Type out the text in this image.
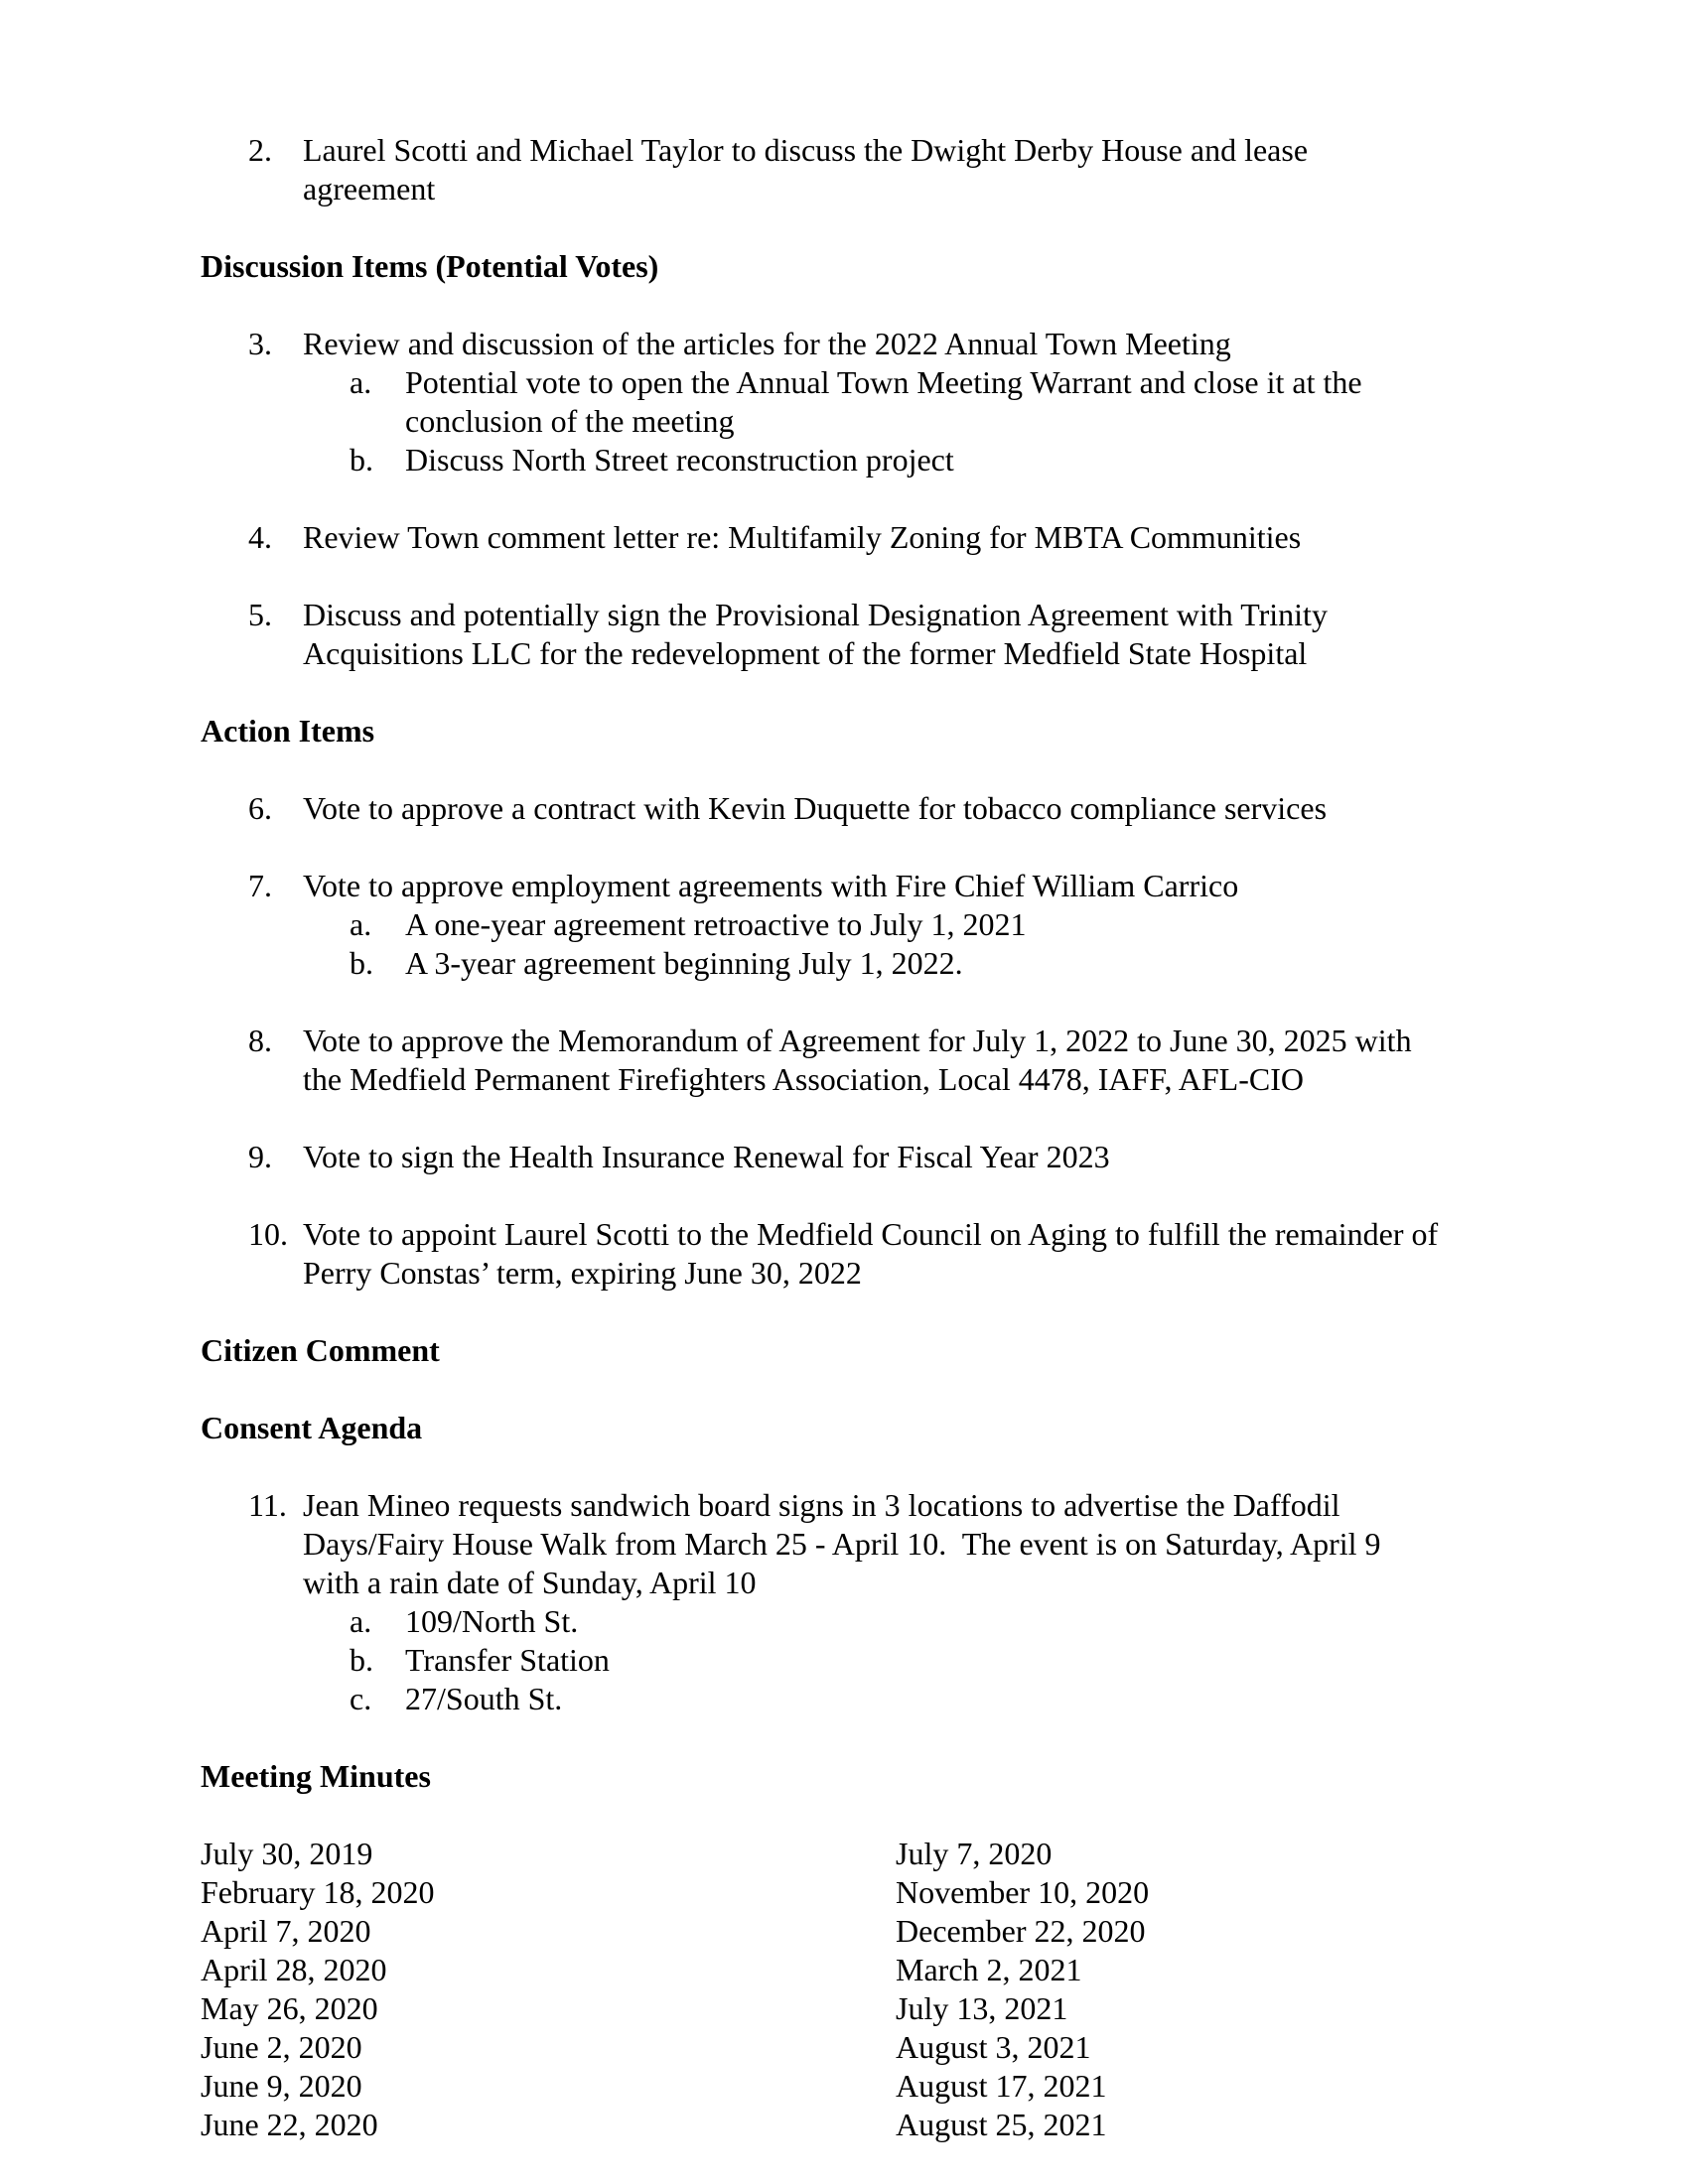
2. Laurel Scotti and Michael Taylor to discuss the Dwight Derby House and lease
agreement
Discussion Items (Potential Votes)
3. Review and discussion of the articles for the 2022 Annual Town Meeting
a. Potential vote to open the Annual Town Meeting Warrant and close it at the
conclusion of the meeting
b. Discuss North Street reconstruction project
4. Review Town comment letter re: Multifamily Zoning for MBTA Communities
5. Discuss and potentially sign the Provisional Designation Agreement with Trinity
Acquisitions LLC for the redevelopment of the former Medfield State Hospital
Action Items
6. Vote to approve a contract with Kevin Duquette for tobacco compliance services
7. Vote to approve employment agreements with Fire Chief William Carrico
a. A one-year agreement retroactive to July 1, 2021
b. A 3-year agreement beginning July 1, 2022.
8. Vote to approve the Memorandum of Agreement for July 1, 2022 to June 30, 2025 with
the Medfield Permanent Firefighters Association, Local 4478, IAFF, AFL-CIO
9. Vote to sign the Health Insurance Renewal for Fiscal Year 2023
10. Vote to appoint Laurel Scotti to the Medfield Council on Aging to fulfill the remainder of
Perry Constas’ term, expiring June 30, 2022
Citizen Comment
Consent Agenda
11. Jean Mineo requests sandwich board signs in 3 locations to advertise the Daffodil
Days/Fairy House Walk from March 25 - April 10.  The event is on Saturday, April 9
with a rain date of Sunday, April 10
a. 109/North St.
b. Transfer Station
c. 27/South St.
Meeting Minutes
July 30, 2019
February 18, 2020
April 7, 2020
April 28, 2020
May 26, 2020
June 2, 2020
June 9, 2020
June 22, 2020
July 7, 2020
November 10, 2020
December 22, 2020
March 2, 2021
July 13, 2021
August 3, 2021
August 17, 2021
August 25, 2021
